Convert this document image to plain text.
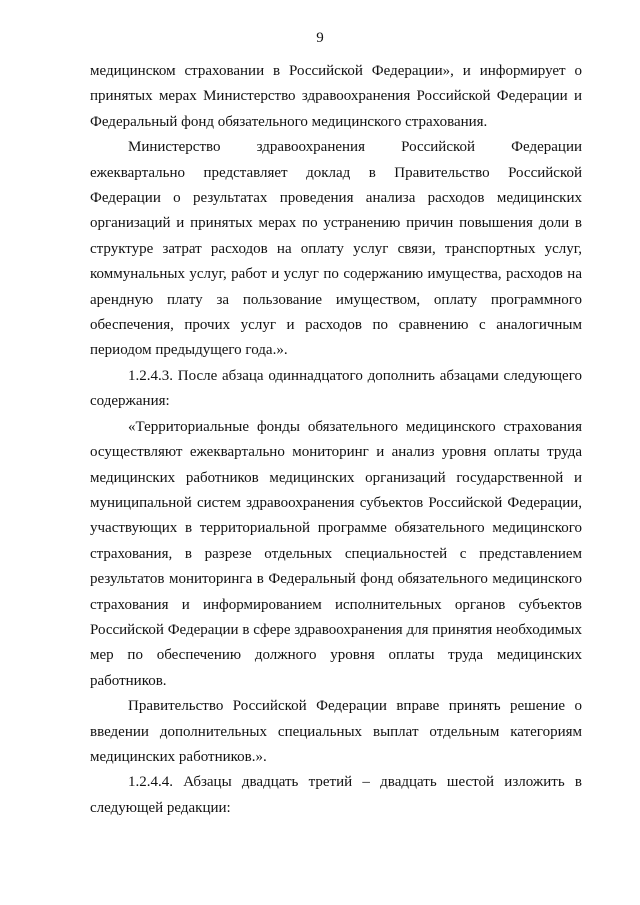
9

медицинском страховании в Российской Федерации», и информирует о принятых мерах Министерство здравоохранения Российской Федерации и Федеральный фонд обязательного медицинского страхования.

Министерство здравоохранения Российской Федерации ежеквартально представляет доклад в Правительство Российской Федерации о результатах проведения анализа расходов медицинских организаций и принятых мерах по устранению причин повышения доли в структуре затрат расходов на оплату услуг связи, транспортных услуг, коммунальных услуг, работ и услуг по содержанию имущества, расходов на арендную плату за пользование имуществом, оплату программного обеспечения, прочих услуг и расходов по сравнению с аналогичным периодом предыдущего года.».

1.2.4.3. После абзаца одиннадцатого дополнить абзацами следующего содержания:

«Территориальные фонды обязательного медицинского страхования осуществляют ежеквартально мониторинг и анализ уровня оплаты труда медицинских работников медицинских организаций государственной и муниципальной систем здравоохранения субъектов Российской Федерации, участвующих в территориальной программе обязательного медицинского страхования, в разрезе отдельных специальностей с представлением результатов мониторинга в Федеральный фонд обязательного медицинского страхования и информированием исполнительных органов субъектов Российской Федерации в сфере здравоохранения для принятия необходимых мер по обеспечению должного уровня оплаты труда медицинских работников.

Правительство Российской Федерации вправе принять решение о введении дополнительных специальных выплат отдельным категориям медицинских работников.».

1.2.4.4. Абзацы двадцать третий – двадцать шестой изложить в следующей редакции:
